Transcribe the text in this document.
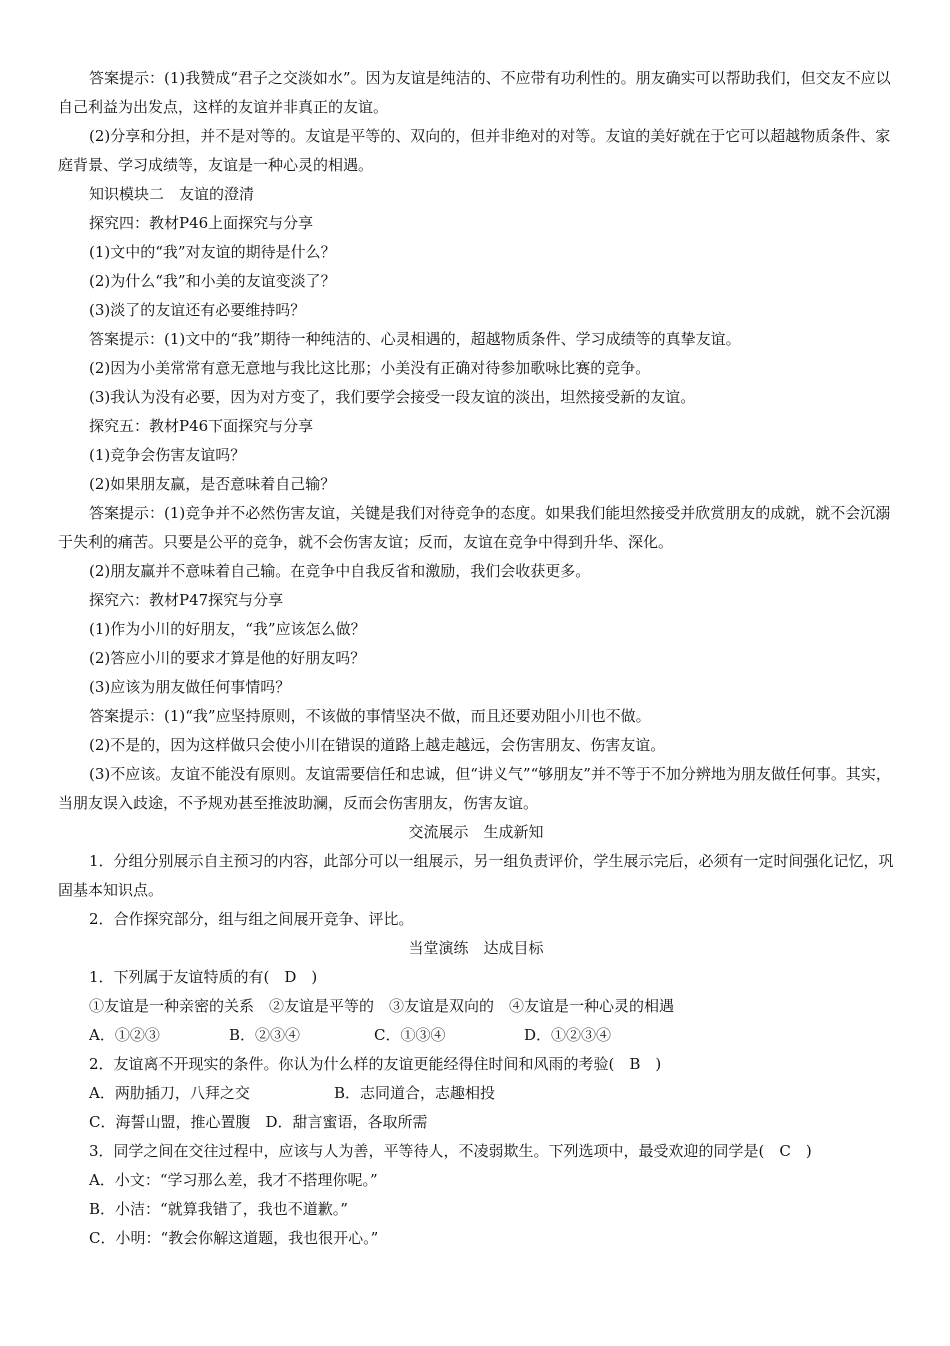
答案提示：(1)我赞成“君子之交淡如水”。因为友谊是纯洁的、不应带有功利性的。朋友确实可以帮助我们，但交友不应以自己利益为出发点，这样的友谊并非真正的友谊。

(2)分享和分担，并不是对等的。友谊是平等的、双向的，但并非绝对的对等。友谊的美好就在于它可以超越物质条件、家庭背景、学习成绩等，友谊是一种心灵的相遇。

知识模块二　友谊的澄清

探究四：教材P46上面探究与分享

(1)文中的“我”对友谊的期待是什么？

(2)为什么“我”和小美的友谊变淡了？

(3)淡了的友谊还有必要维持吗？

答案提示：(1)文中的“我”期待一种纯洁的、心灵相遇的，超越物质条件、学习成绩等的真挚友谊。

(2)因为小美常常有意无意地与我比这比那；小美没有正确对待参加歌咏比赛的竞争。

(3)我认为没有必要，因为对方变了，我们要学会接受一段友谊的淡出，坦然接受新的友谊。

探究五：教材P46下面探究与分享

(1)竞争会伤害友谊吗？

(2)如果朋友赢，是否意味着自己输？

答案提示：(1)竞争并不必然伤害友谊，关键是我们对待竞争的态度。如果我们能坦然接受并欣赏朋友的成就，就不会沉溺于失利的痛苦。只要是公平的竞争，就不会伤害友谊；反而，友谊在竞争中得到升华、深化。

(2)朋友赢并不意味着自己输。在竞争中自我反省和激励，我们会收获更多。

探究六：教材P47探究与分享

(1)作为小川的好朋友，“我”应该怎么做？

(2)答应小川的要求才算是他的好朋友吗？

(3)应该为朋友做任何事情吗？

答案提示：(1)“我”应坚持原则，不该做的事情坚决不做，而且还要劝阻小川也不做。

(2)不是的，因为这样做只会使小川在错误的道路上越走越远，会伤害朋友、伤害友谊。

(3)不应该。友谊不能没有原则。友谊需要信任和忠诚，但“讲义气”“够朋友”并不等于不加分辨地为朋友做任何事。其实，当朋友误入歧途，不予规劝甚至推波助澜，反而会伤害朋友，伤害友谊。

交流展示　生成新知

1．分组分别展示自主预习的内容，此部分可以一组展示，另一组负责评价，学生展示完后，必须有一定时间强化记忆，巩固基本知识点。

2．合作探究部分，组与组之间展开竞争、评比。

当堂演练　达成目标

1．下列属于友谊特质的有(　D　)

①友谊是一种亲密的关系　②友谊是平等的　③友谊是双向的　④友谊是一种心灵的相遇

A．①②③	B．②③④	C．①③④	D．①②③④

2．友谊离不开现实的条件。你认为什么样的友谊更能经得住时间和风雨的考验(　B　)

A．两肋插刀，八拜之交	B．志同道合，志趣相投

C．海誓山盟，推心置腹　D．甜言蜜语，各取所需

3．同学之间在交往过程中，应该与人为善，平等待人，不凌弱欺生。下列选项中，最受欢迎的同学是(　C　)

A．小文：“学习那么差，我才不搭理你呢。”

B．小洁：“就算我错了，我也不道歉。”

C．小明：“教会你解这道题，我也很开心。”
